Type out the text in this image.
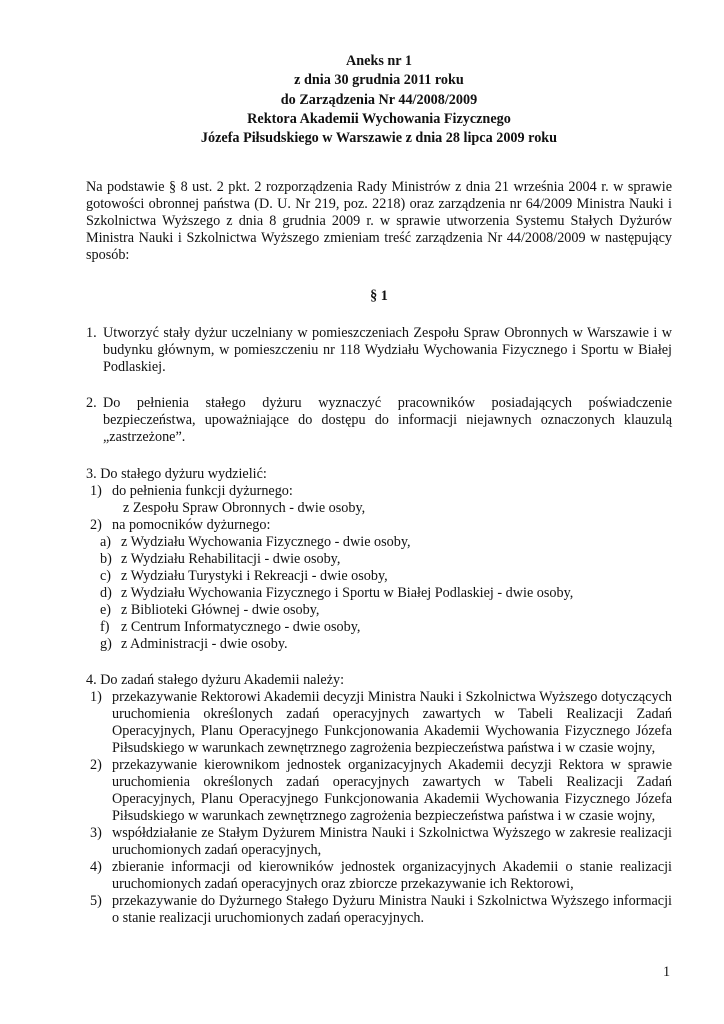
Aneks nr 1
z dnia 30 grudnia 2011 roku
do Zarządzenia Nr 44/2008/2009
Rektora Akademii Wychowania Fizycznego
Józefa Piłsudskiego w Warszawie z dnia 28 lipca 2009 roku
Na podstawie § 8 ust. 2 pkt. 2 rozporządzenia Rady Ministrów z dnia 21 września 2004 r. w sprawie gotowości obronnej państwa (D. U. Nr 219, poz. 2218) oraz zarządzenia nr 64/2009 Ministra Nauki i Szkolnictwa Wyższego z dnia 8 grudnia 2009 r. w sprawie utworzenia Systemu Stałych Dyżurów Ministra Nauki i Szkolnictwa Wyższego zmieniam treść zarządzenia Nr 44/2008/2009 w następujący sposób:
§ 1
1. Utworzyć stały dyżur uczelniany w pomieszczeniach Zespołu Spraw Obronnych w Warszawie i w budynku głównym, w pomieszczeniu nr 118 Wydziału Wychowania Fizycznego i Sportu w Białej Podlaskiej.
2. Do pełnienia stałego dyżuru wyznaczyć pracowników posiadających poświadczenie bezpieczeństwa, upoważniające do dostępu do informacji niejawnych oznaczonych klauzulą „zastrzeżone”.
3. Do stałego dyżuru wydzielić:
1) do pełnienia funkcji dyżurnego:
z Zespołu Spraw Obronnych - dwie osoby,
2) na pomocników dyżurnego:
a) z Wydziału Wychowania Fizycznego - dwie osoby,
b) z Wydziału Rehabilitacji - dwie osoby,
c) z Wydziału Turystyki i Rekreacji - dwie osoby,
d) z Wydziału Wychowania Fizycznego i Sportu w Białej Podlaskiej - dwie osoby,
e) z Biblioteki Głównej - dwie osoby,
f) z Centrum Informatycznego - dwie osoby,
g) z Administracji - dwie osoby.
4. Do zadań stałego dyżuru Akademii należy:
1) przekazywanie Rektorowi Akademii decyzji Ministra Nauki i Szkolnictwa Wyższego dotyczących uruchomienia określonych zadań operacyjnych zawartych w Tabeli Realizacji Zadań Operacyjnych, Planu Operacyjnego Funkcjonowania Akademii Wychowania Fizycznego Józefa Piłsudskiego w warunkach zewnętrznego zagrożenia bezpieczeństwa państwa i w czasie wojny,
2) przekazywanie kierownikom jednostek organizacyjnych Akademii decyzji Rektora w sprawie uruchomienia określonych zadań operacyjnych zawartych w Tabeli Realizacji Zadań Operacyjnych, Planu Operacyjnego Funkcjonowania Akademii Wychowania Fizycznego Józefa Piłsudskiego w warunkach zewnętrznego zagrożenia bezpieczeństwa państwa i w czasie wojny,
3) współdziałanie ze Stałym Dyżurem Ministra Nauki i Szkolnictwa Wyższego w zakresie realizacji uruchomionych zadań operacyjnych,
4) zbieranie informacji od kierowników jednostek organizacyjnych Akademii o stanie realizacji uruchomionych zadań operacyjnych oraz zbiorcze przekazywanie ich Rektorowi,
5) przekazywanie do Dyżurnego Stałego Dyżuru Ministra Nauki i Szkolnictwa Wyższego informacji o stanie realizacji uruchomionych zadań operacyjnych.
1
